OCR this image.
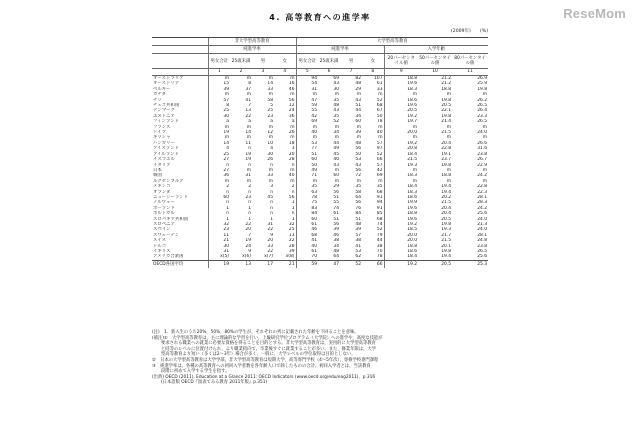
ReseMom
4. 高等教育への進学率
(2009年)　　(%)
	非大学型高等教育				大学型高等教育						
	純進学率				純進学率				入学年齢		
	男女合計	25歳未満	男	女	男女合計	25歳未満	男	女	20パーセンタイル値	50パーセンタイル値	80パーセンタイル値
	1	2	3	4	5	6	7	8	9	10	11
オーストラリア	m	m	m	m	94	69	82	107	18.8	21.2	26.9
オーストリア	15	8	14	16	54	43	48	61	19.6	21.2	25.9
ベルギー	39	37	33	46	31	30	29	33	18.3	18.8	19.8
カナダ	m	m	m	m	m	m	m	m	m	m	m
チリ	57	41	58	56	47	35	43	52	18.6	19.8	26.2
チェコ共和国	8	7	5	12	59	48	51	68	19.6	20.5	26.5
デンマーク	25	13	25	24	55	43	44	67	20.5	22.1	26.4
エストニア	30	22	23	36	42	35	34	50	19.2	19.8	23.3
フィンランド	a	a	a	a	69	52	60	78	19.7	21.4	26.5
フランス	m	m	m	m	m	m	m	m	m	m	m
ドイツ	19	14	12	26	40	34	39	40	20.0	21.5	24.0
ギリシャ	m	m	m	m	m	m	m	m	m	m	m
ハンガリー	14	11	10	18	53	44	48	57	19.2	20.4	26.6
アイスランド	4	n	4	3	77	49	56	97	20.8	22.8	31.6
アイルランド	25	19	30	20	51	45	50	52	18.4	19.1	23.8
イスラエル	27	19	26	28	60	40	53	66	21.5	23.7	26.7
イタリア	n	n	n	n	50	43	43	57	19.3	19.8	22.9
日本	27	m	m	m	49	m	56	42	m	m	m
韓国	36	31	33	40	71	60	72	69	18.3	18.8	24.2
ルクセンブルグ	m	m	m	m	m	m	m	m	m	m	m
メキシコ	2	2	3	2	35	29	35	35	18.4	19.4	22.8
オランダ	n	n	n	n	63	56	58	68	18.3	19.4	22.3
ニュージーランド	60	23	45	56	78	51	64	91	18.6	20.2	28.1
ノルウェー	n	n	n	1	75	55	56	94	19.9	21.5	28.3
ポーランド	1	1	n	1	83	74	76	91	19.6	20.4	24.2
ポルトガル	n	n	n	n	84	61	84	85	18.8	20.4	25.6
スロバキア共和国	1	1	1	1	60	51	51	68	19.6	20.5	24.0
スロベニア	32	22	31	32	61	56	48	74	19.2	19.8	21.3
スペイン	23	20	22	25	46	39	39	52	18.5	19.3	24.0
スウェーデン	11	7	9	13	68	46	57	79	20.0	21.7	28.1
スイス	21	19	20	22	41	38	38	44	20.0	21.5	24.8
トルコ	30	24	33	28	40	34	41	38	18.8	20.1	23.8
イギリス	31	9	22	39	61	48	53	70	18.6	19.8	26.5
アメリカ合衆国	x(5)	x(6)	x(7)	x(8)	70	64	62	78	18.4	19.4	25.6
OECD各国平均	19	13	17	21	59	47	52	66	19.2	20.5	25.3

(注)　1．新入生のうち20%，50%，80%の学生が，それぞれの列に記載された年齢を下回ることを意味。

(補注)①　大学型高等教育は，主に理論的な学習を行い，上級研究学位プログラム（大学院）への進学や，高度な技能が

要求される職業への就業に必要な資格を得ることを目的とする。非大学型高等教育は，実用的に大学型高等教育

と同等のレベルに位置付けられ，より職業指向で，卒業後すぐに就業することが多い。また，修業年限は，大学

型高等教育より短い（多くは2～3年）場合が多く，一般に，大学レベルの学位取得は目的としない。

②　日本の大学型高等教育は大学学部，非大学型高等教育は短期大学，高等専門学校（4～5年次），専修学校専門課程

③　純進学率は，各種の高等教育への初回入学者数を各年齢人口で除したものの合計。初回入学者とは，当該教育

段階に初めて入学する学生を指す。

(出典) OECD (2011), Education at a Glance 2011: OECD Indicators (www.oecd.org/edu/eag2011)，p.316

(日本語版 OECD『図表でみる教育 2011年版』p.351)
